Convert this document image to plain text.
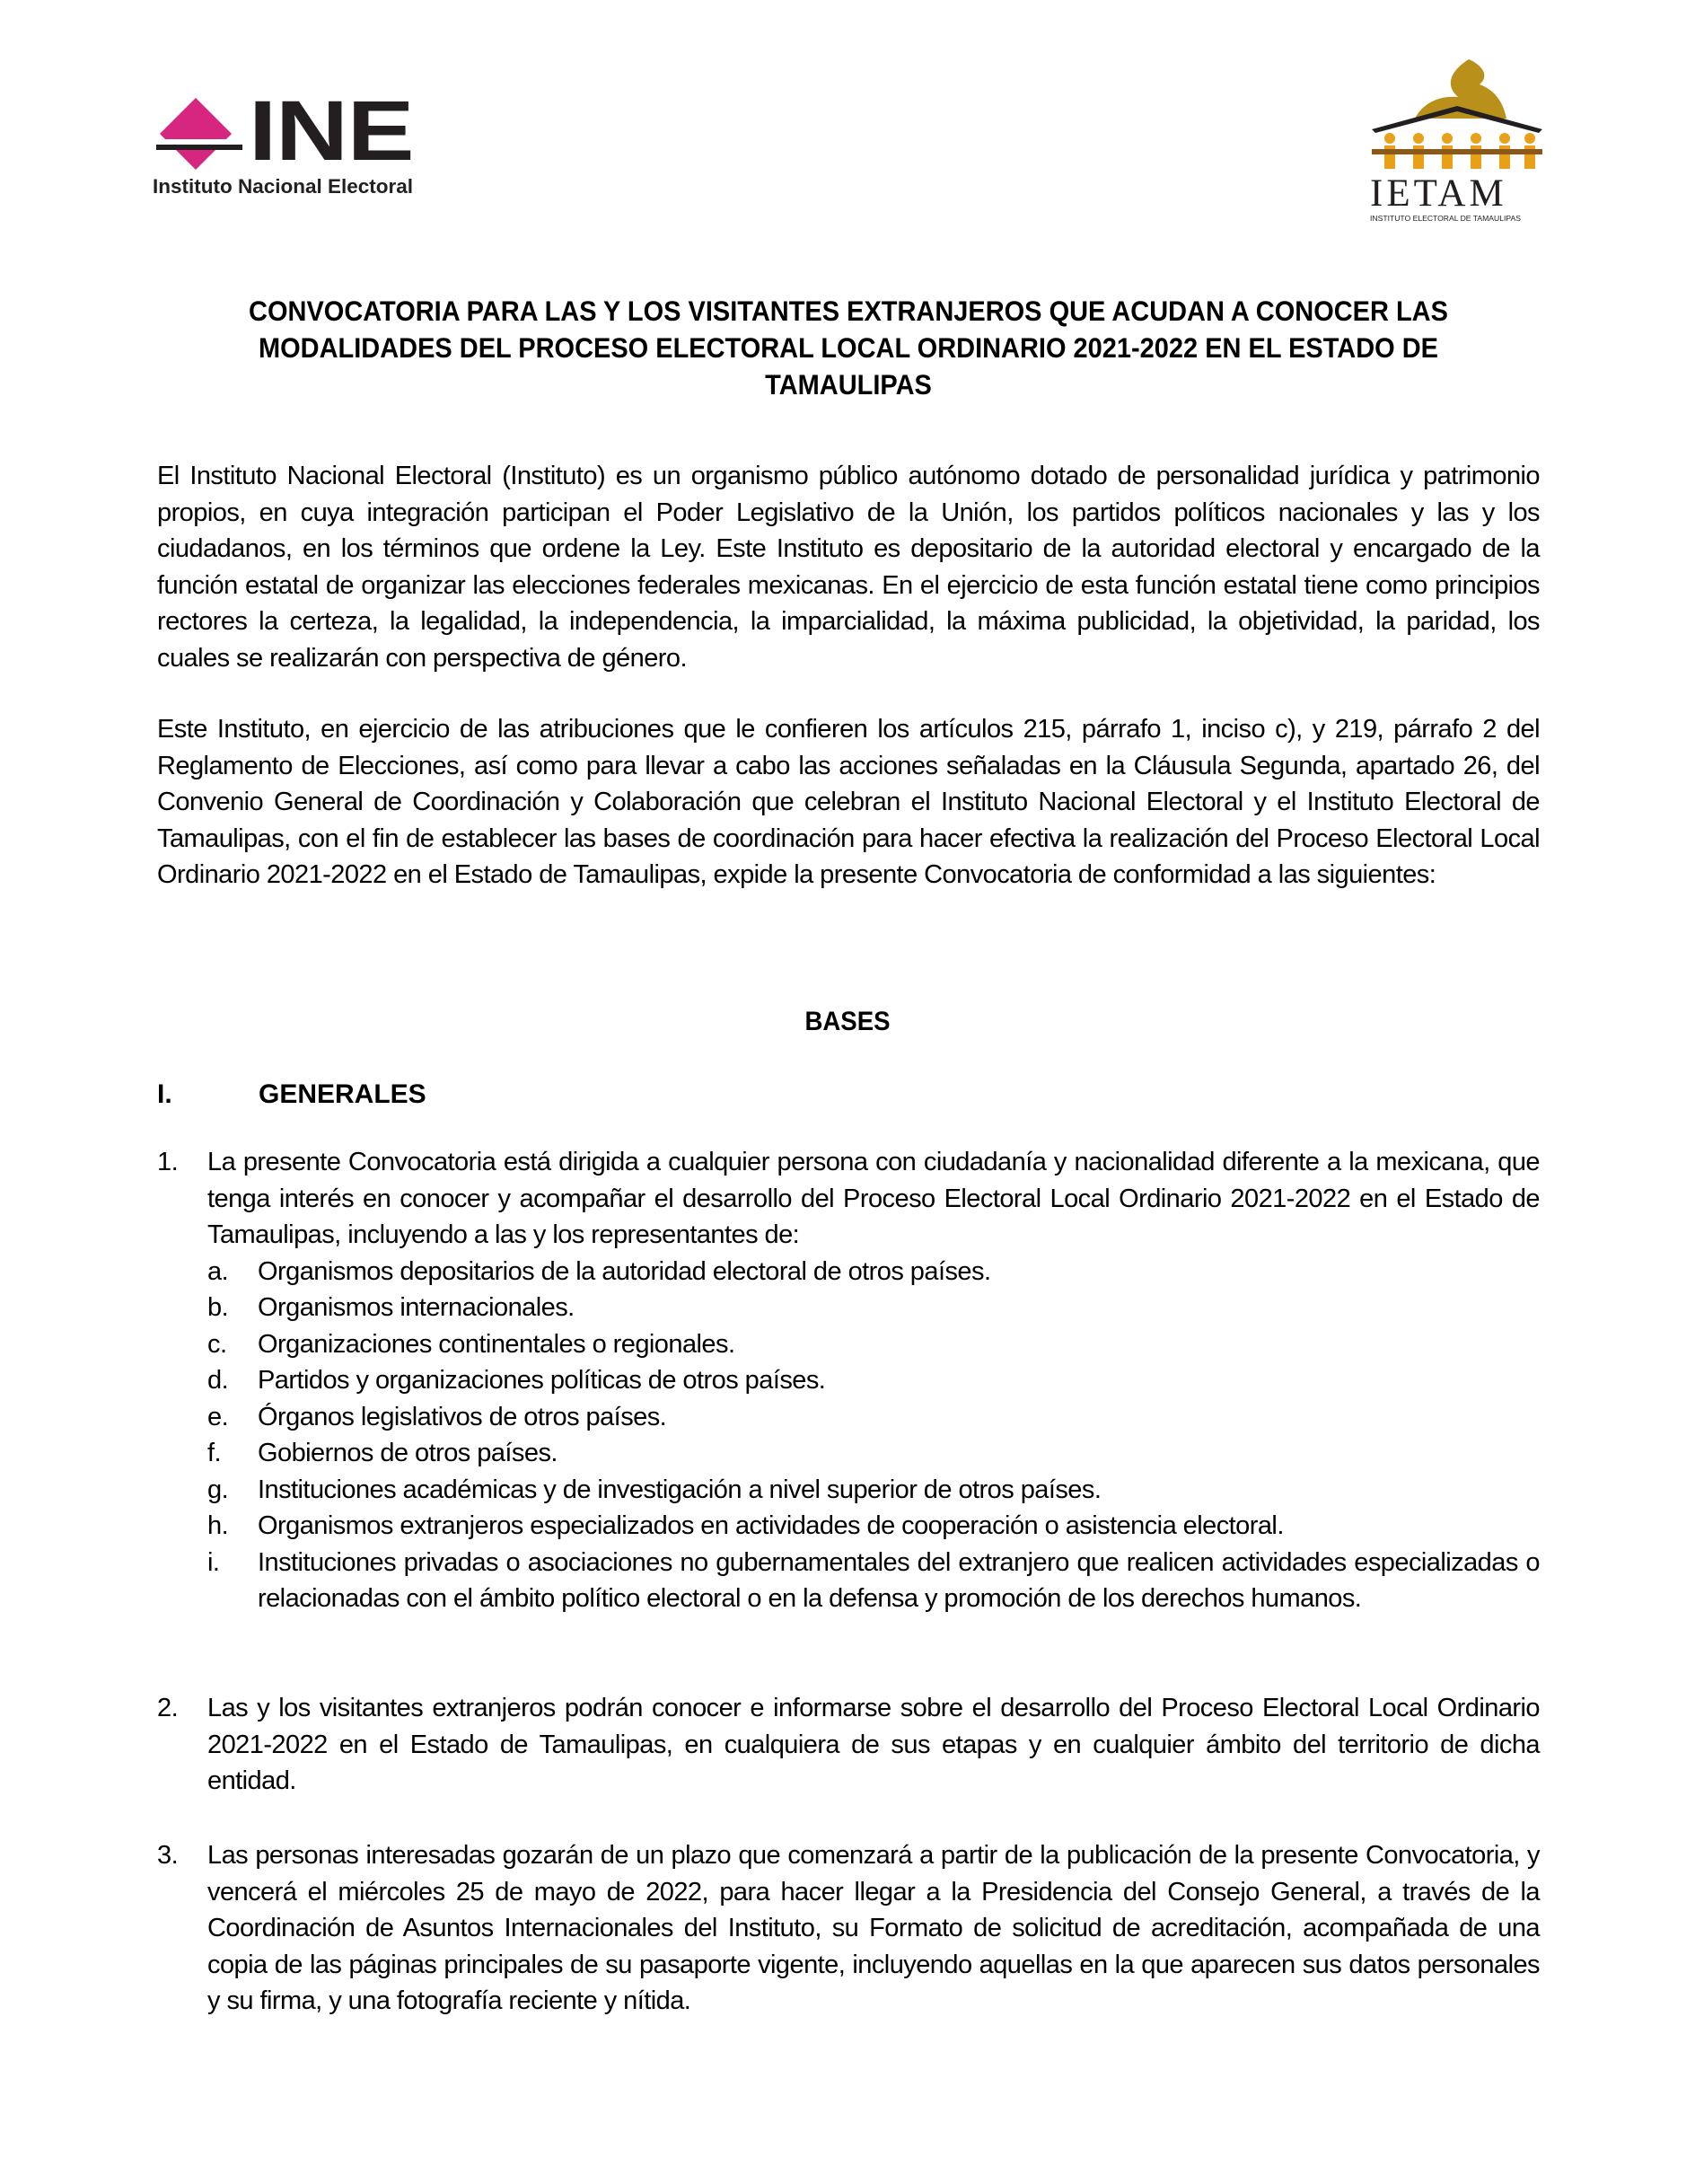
INE
Instituto Nacional Electoral	IETAM
INSTITUTO ELECTORAL DE TAMAULIPAS
CONVOCATORIA PARA LAS Y LOS VISITANTES EXTRANJEROS QUE ACUDAN A CONOCER LAS MODALIDADES DEL PROCESO ELECTORAL LOCAL ORDINARIO 2021-2022 EN EL ESTADO DE TAMAULIPAS

El Instituto Nacional Electoral (Instituto) es un organismo público autónomo dotado de personalidad jurídica y patrimonio propios, en cuya integración participan el Poder Legislativo de la Unión, los partidos políticos nacionales y las y los ciudadanos, en los términos que ordene la Ley. Este Instituto es depositario de la autoridad electoral y encargado de la función estatal de organizar las elecciones federales mexicanas. En el ejercicio de esta función estatal tiene como principios rectores la certeza, la legalidad, la independencia, la imparcialidad, la máxima publicidad, la objetividad, la paridad, los cuales se realizarán con perspectiva de género.

Este Instituto, en ejercicio de las atribuciones que le confieren los artículos 215, párrafo 1, inciso c), y 219, párrafo 2 del Reglamento de Elecciones, así como para llevar a cabo las acciones señaladas en la Cláusula Segunda, apartado 26, del Convenio General de Coordinación y Colaboración que celebran el Instituto Nacional Electoral y el Instituto Electoral de Tamaulipas, con el fin de establecer las bases de coordinación para hacer efectiva la realización del Proceso Electoral Local Ordinario 2021-2022 en el Estado de Tamaulipas, expide la presente Convocatoria de conformidad a las siguientes:

BASES
I.	GENERALES
1. La presente Convocatoria está dirigida a cualquier persona con ciudadanía y nacionalidad diferente a la mexicana, que tenga interés en conocer y acompañar el desarrollo del Proceso Electoral Local Ordinario 2021-2022 en el Estado de Tamaulipas, incluyendo a las y los representantes de:
a. Organismos depositarios de la autoridad electoral de otros países.
b. Organismos internacionales.
c. Organizaciones continentales o regionales.
d. Partidos y organizaciones políticas de otros países.
e. Órganos legislativos de otros países.
f. Gobiernos de otros países.
g. Instituciones académicas y de investigación a nivel superior de otros países.
h. Organismos extranjeros especializados en actividades de cooperación o asistencia electoral.
i. Instituciones privadas o asociaciones no gubernamentales del extranjero que realicen actividades especializadas o relacionadas con el ámbito político electoral o en la defensa y promoción de los derechos humanos.
2. Las y los visitantes extranjeros podrán conocer e informarse sobre el desarrollo del Proceso Electoral Local Ordinario 2021-2022 en el Estado de Tamaulipas, en cualquiera de sus etapas y en cualquier ámbito del territorio de dicha entidad.
3. Las personas interesadas gozarán de un plazo que comenzará a partir de la publicación de la presente Convocatoria, y vencerá el miércoles 25 de mayo de 2022, para hacer llegar a la Presidencia del Consejo General, a través de la Coordinación de Asuntos Internacionales del Instituto, su Formato de solicitud de acreditación, acompañada de una copia de las páginas principales de su pasaporte vigente, incluyendo aquellas en la que aparecen sus datos personales y su firma, y una fotografía reciente y nítida.
